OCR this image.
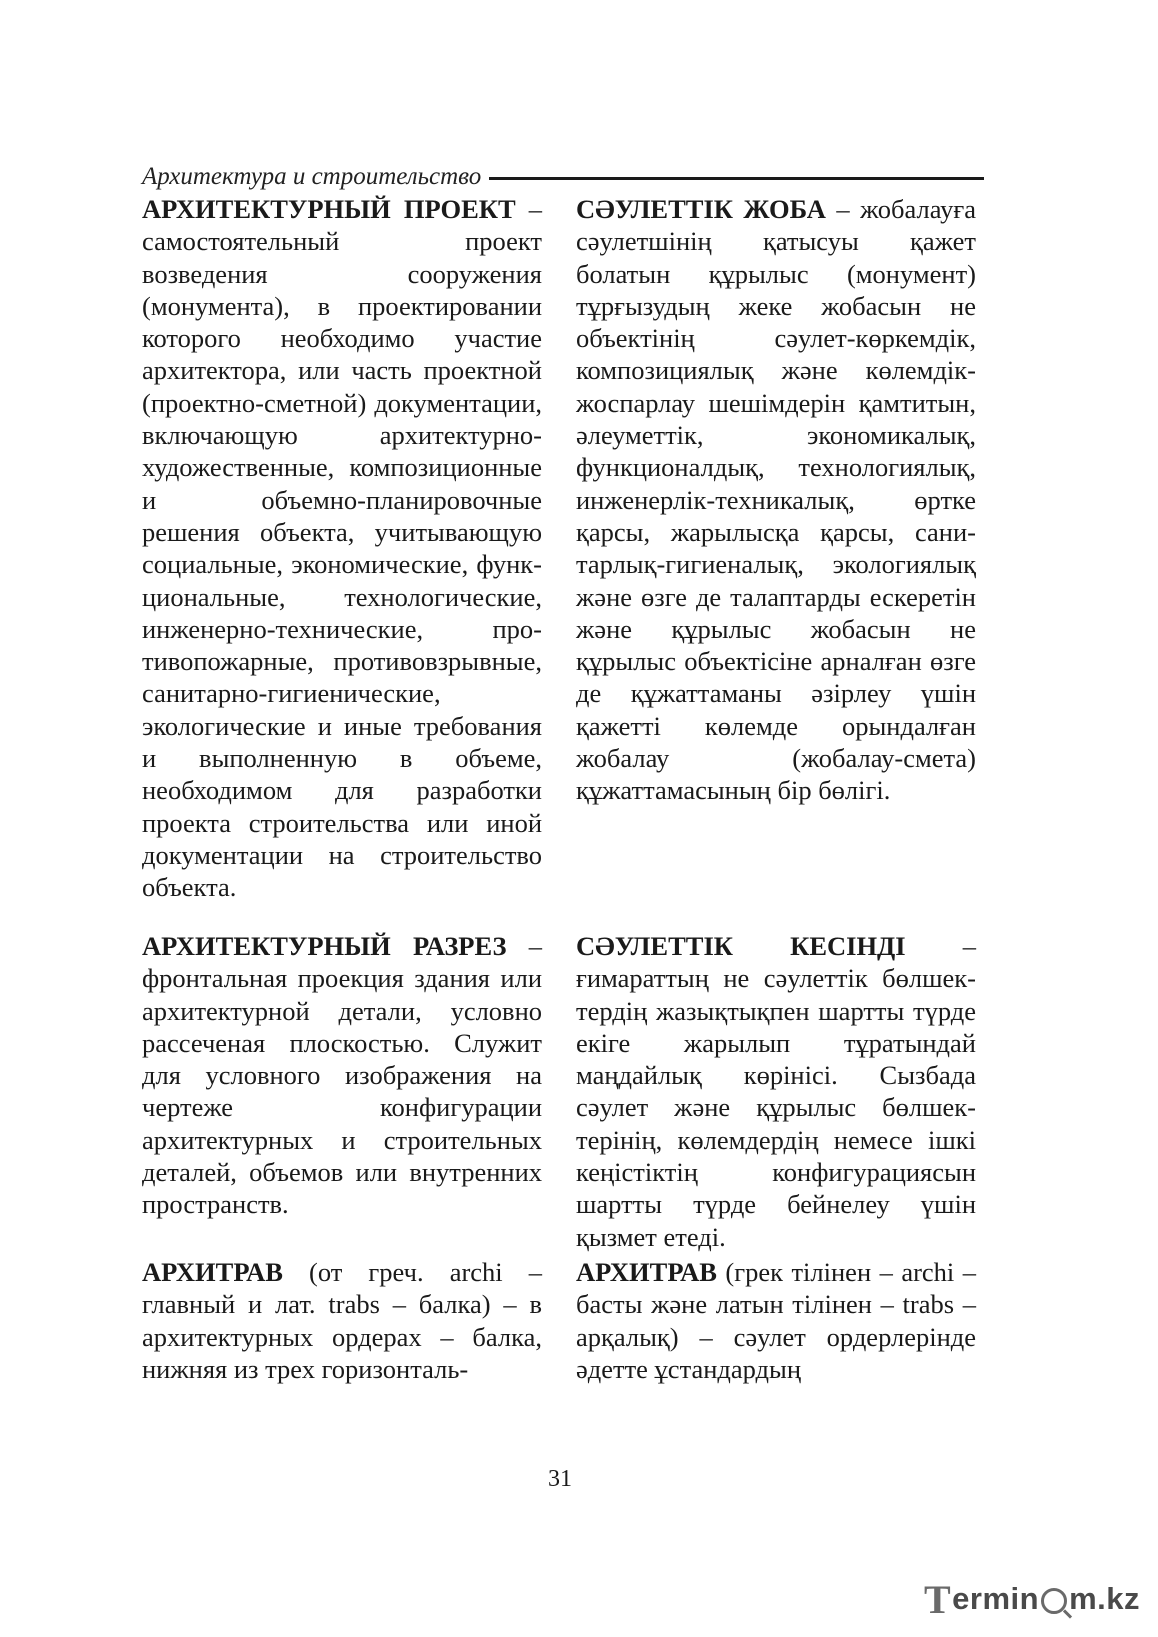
Архитектура и строительство
АРХИТЕКТУРНЫЙ ПРОЕКТ – самостоятельный проект возведения сооружения (монумента), в проектировании которого необходимо участие архитектора, или часть проектной (проектно-сметной) документации, включающую архитектурно-художественные, композиционные и объемно-планировочные решения объекта, учитывающую социальные, экономические, функциональные, технологические, инженерно-технические, противопожарные, противовзрывные, санитарно-гигиенические, экологические и иные требования и выполненную в объеме, необходимом для разработки проекта строительства или иной документации на строительство объекта.
СӘУЛЕТТІК ЖОБА – жобалауға сәулетшінің қатысуы қажет болатын құрылыс (монумент) тұрғызудың жеке жобасын не объектінің сәулет-көркемдік, композициялық және көлемдік-жоспарлау шешімдерін қамтитын, әлеуметтік, экономикалық, функционалдық, технологиялық, инженерлік-техникалық, өртке қарсы, жарылысқа қарсы, санитарлық-гигиеналық, экологиялық және өзге де талаптарды ескеретін және құрылыс жобасын не құрылыс объектісіне арналған өзге де құжаттаманы әзірлеу үшін қажетті көлемде орындалған жобалау (жобалау-смета) құжаттамасының бір бөлігі.
АРХИТЕКТУРНЫЙ РАЗРЕЗ – фронтальная проекция здания или архитектурной детали, условно рассеченая плоскостью. Служит для условного изображения на чертеже конфигурации архитектурных и строительных деталей, объемов или внутренних пространств.
СӘУЛЕТТІК КЕСІНДІ – ғимараттың не сәулеттік бөлшектердің жазықтықпен шартты түрде екіге жарылып тұратындай маңдайлық көрінісі. Сызбада сәулет және құрылыс бөлшектерінің, көлемдердің немесе ішкі кеңістіктің конфигурациясын шартты түрде бейнелеу үшін қызмет етеді.
АРХИТРАВ (от греч. archi – главный и лат. trabs – балка) – в архитектурных ордерах – балка, нижняя из трех горизонталь-
АРХИТРАВ (грек тілінен – archi – басты және латын тілінен – trabs – арқалық) – сәулет ордерлерінде әдетте ұстандардың
31
T ermin m.kz
